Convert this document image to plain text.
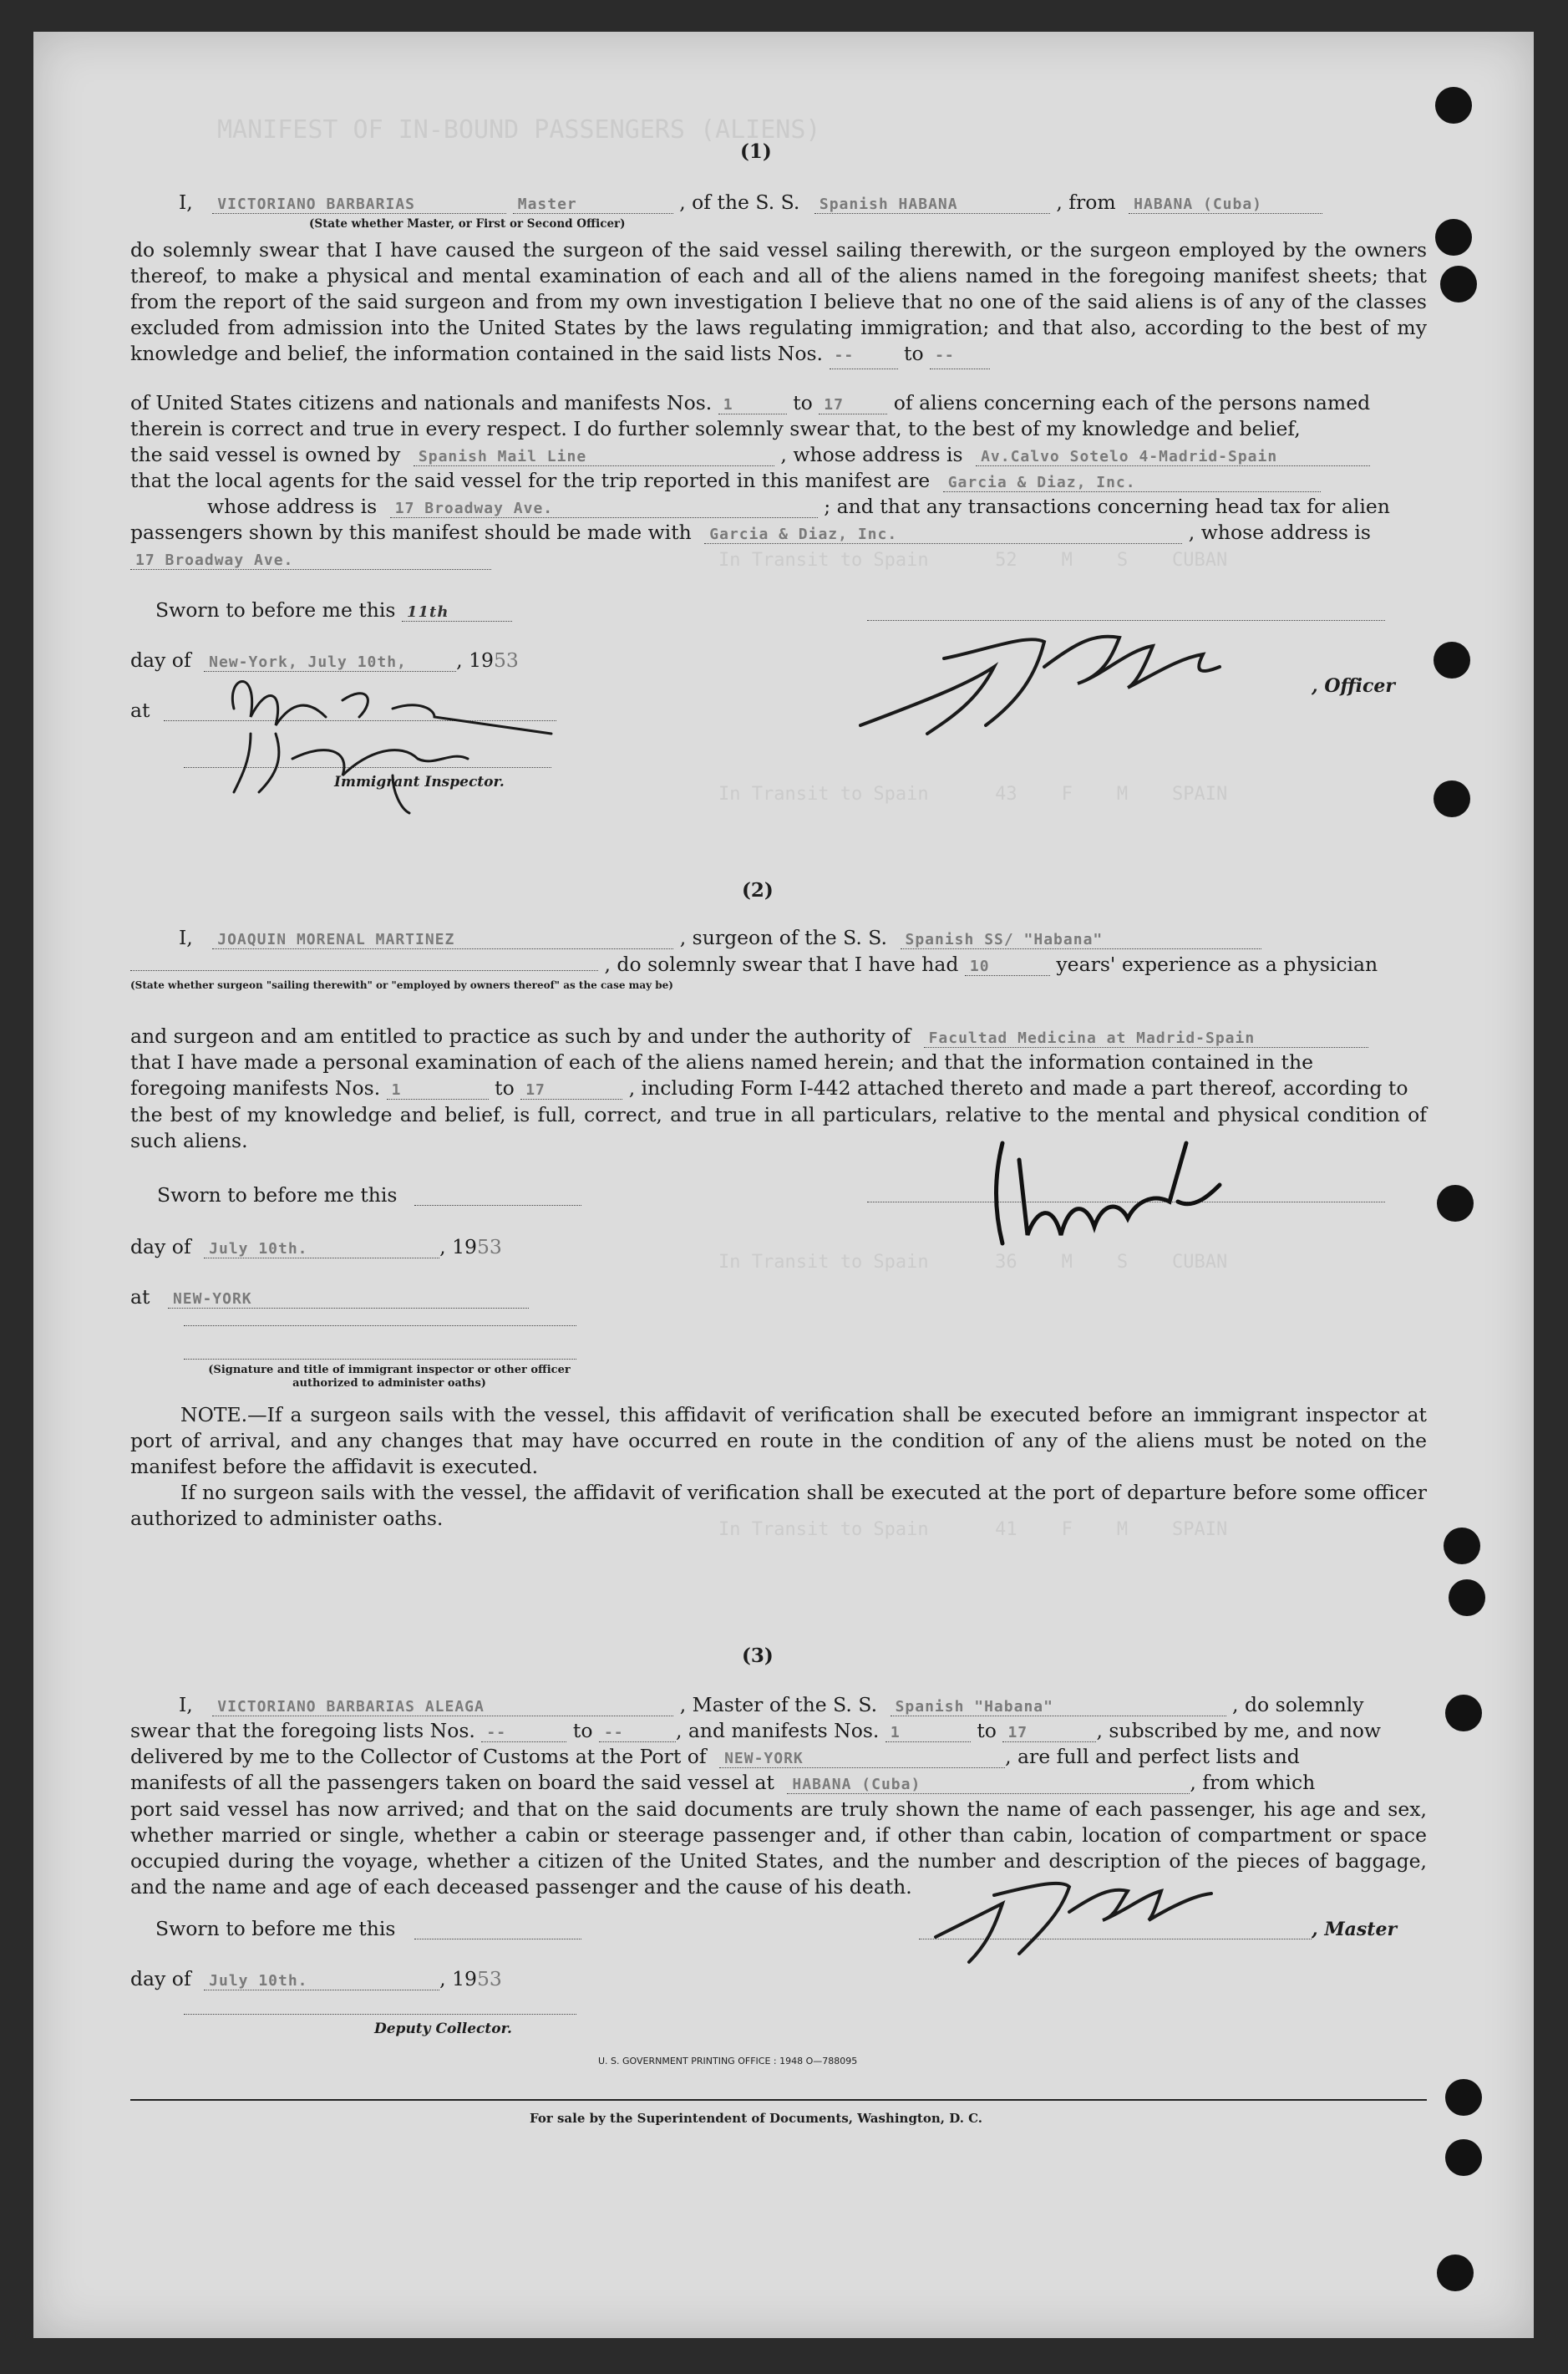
MANIFEST OF IN-BOUND PASSENGERS (ALIENS)
In Transit to Spain      52    M    S    CUBAN
In Transit to Spain      43    F    M    SPAIN
In Transit to Spain      36    M    S    CUBAN
In Transit to Spain      41    F    M    SPAIN
(1)
I, VICTORIANO BARBARIAS	Master	, of the S. S. Spanish HABANA	, from HABANA (Cuba)
(State whether Master, or First or Second Officer)

do solemnly swear that I have caused the surgeon of the said vessel sailing therewith, or the surgeon employed by the owners thereof, to make a physical and mental examination of each and all of the aliens named in the foregoing manifest sheets; that from the report of the said surgeon and from my own investigation I believe that no one of the said aliens is of any of the classes excluded from admission into the United States by the laws regulating immigration; and that also, according to the best of my knowledge and belief, the information contained in the said lists Nos. --	to --

of United States citizens and nationals and manifests Nos. 1	to 17	of aliens concerning each of the persons named
therein is correct and true in every respect. I do further solemnly swear that, to the best of my knowledge and belief,
the said vessel is owned by Spanish Mail Line	, whose address is Av.Calvo Sotelo 4-Madrid-Spain
that the local agents for the said vessel for the trip reported in this manifest are Garcia & Diaz, Inc.
whose address is 17 Broadway Ave.	; and that any transactions concerning head tax for alien
passengers shown by this manifest should be made with Garcia & Diaz, Inc.	, whose address is
17 Broadway Ave.
Sworn to before me this 11th
day of New-York, July 10th,	, 1953
at
, Officer
Immigrant Inspector.
(2)
I, JOAQUIN MORENAL MARTINEZ	, surgeon of the S. S. Spanish SS/ "Habana"
, do solemnly swear that I have had 10	years' experience as a physician
(State whether surgeon "sailing therewith" or "employed by owners thereof" as the case may be)
and surgeon and am entitled to practice as such by and under the authority of Facultad Medicina at Madrid-Spain
that I have made a personal examination of each of the aliens named herein; and that the information contained in the
foregoing manifests Nos. 1	to 17	, including Form I-442 attached thereto and made a part thereof, according to

the best of my knowledge and belief, is full, correct, and true in all particulars, relative to the mental and physical condition of such aliens.

Sworn to before me this
day of July 10th.	, 1953
at NEW-YORK
(Signature and title of immigrant inspector or other officer authorized to administer oaths)

NOTE.—If a surgeon sails with the vessel, this affidavit of verification shall be executed before an immigrant inspector at port of arrival, and any changes that may have occurred en route in the condition of any of the aliens must be noted on the manifest before the affidavit is executed.

If no surgeon sails with the vessel, the affidavit of verification shall be executed at the port of departure before some officer authorized to administer oaths.

(3)
I, VICTORIANO BARBARIAS ALEAGA	, Master of the S. S. Spanish "Habana"	, do solemnly
swear that the foregoing lists Nos. --	to --	, and manifests Nos. 1	to 17	, subscribed by me, and now
delivered by me to the Collector of Customs at the Port of NEW-YORK	, are full and perfect lists and
manifests of all the passengers taken on board the said vessel at HABANA (Cuba)	, from which

port said vessel has now arrived; and that on the said documents are truly shown the name of each passenger, his age and sex, whether married or single, whether a cabin or steerage passenger and, if other than cabin, location of compartment or space occupied during the voyage, whether a citizen of the United States, and the number and description of the pieces of baggage, and the name and age of each deceased passenger and the cause of his death.

Sworn to before me this	, Master
day of July 10th.	, 1953
Deputy Collector.
U. S. GOVERNMENT PRINTING OFFICE : 1948 O—788095
For sale by the Superintendent of Documents, Washington, D. C.
